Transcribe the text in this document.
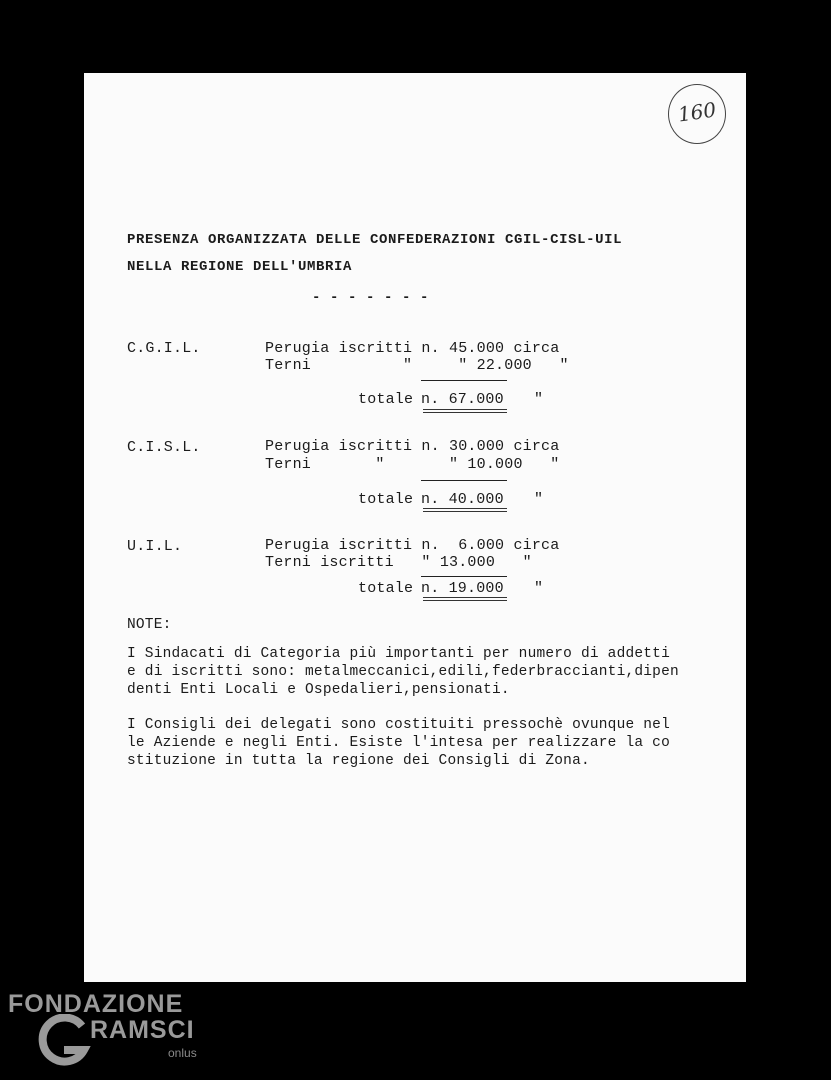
160
PRESENZA ORGANIZZATA DELLE CONFEDERAZIONI CGIL-CISL-UIL
NELLA REGIONE DELL'UMBRIA
- - - - - - -
C.G.I.L.	Perugia iscritti n. 45.000 circa
Terni          "     " 22.000   "
totale n. 67.000 "
C.I.S.L.	Perugia iscritti n. 30.000 circa
Terni       "       " 10.000   "
totale n. 40.000 "
U.I.L.	Perugia iscritti n.  6.000 circa
Terni iscritti   " 13.000   "
totale n. 19.000 "
NOTE:
I Sindacati di Categoria più importanti per numero di addetti
e di iscritti sono: metalmeccanici,edili,federbraccianti,dipen
denti Enti Locali e Ospedalieri,pensionati.
I Consigli dei delegati sono costituiti pressochè ovunque nel
le Aziende e negli Enti. Esiste l'intesa per realizzare la co
stituzione in tutta la regione dei Consigli di Zona.
FONDAZIONE
RAMSCI
onlus
